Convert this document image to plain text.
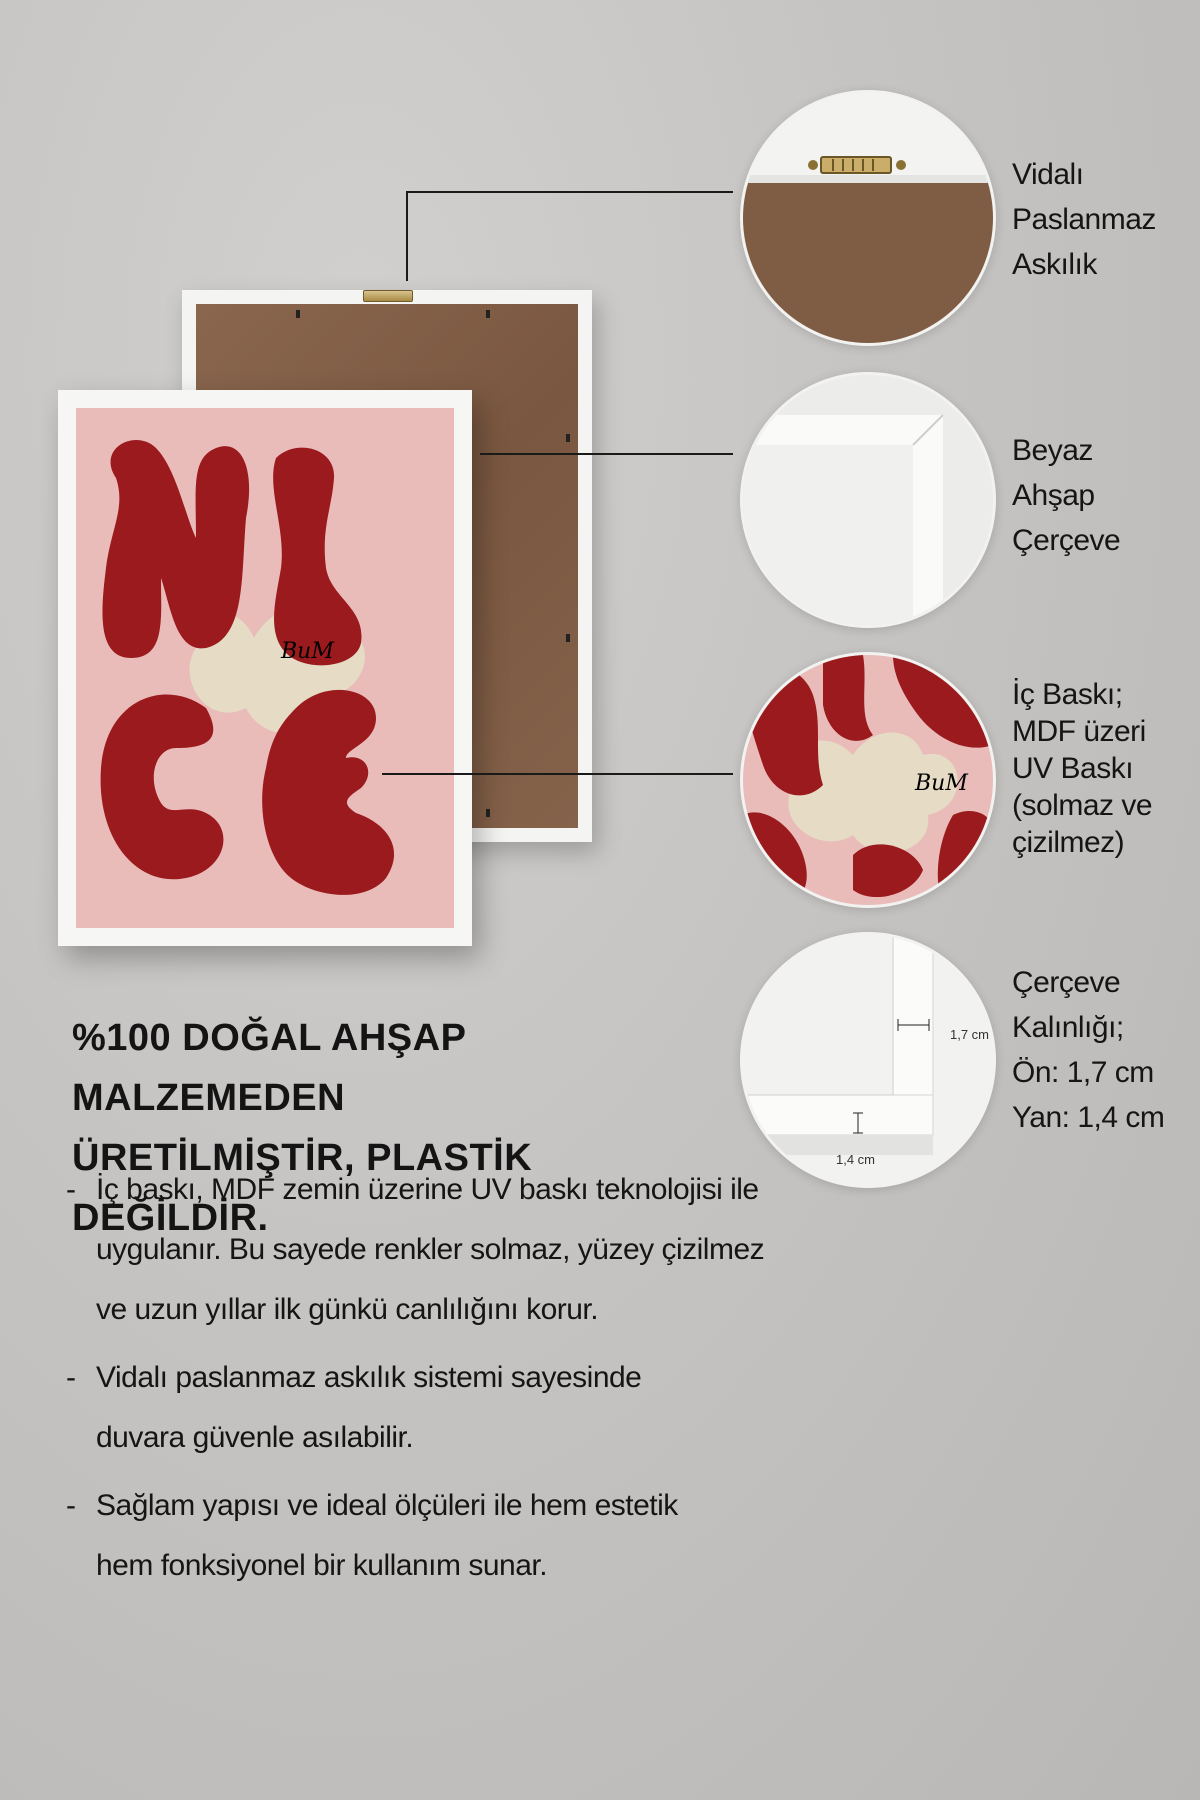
BuM
Vidalı
Paslanmaz
Askılık
Beyaz
Ahşap
Çerçeve
BuM
İç Baskı;
MDF üzeri
UV Baskı
(solmaz ve
çizilmez)
1,7 cm
1,4 cm
Çerçeve
Kalınlığı;
Ön: 1,7 cm
Yan: 1,4 cm
%100 DOĞAL AHŞAP MALZEMEDEN
ÜRETİLMİŞTİR, PLASTİK DEĞİLDİR.
- İç baskı, MDF zemin üzerine UV baskı teknolojisi ile uygulanır. Bu sayede renkler solmaz, yüzey çizilmez ve uzun yıllar ilk günkü canlılığını korur.
- Vidalı paslanmaz askılık sistemi sayesinde duvara güvenle asılabilir.
- Sağlam yapısı ve ideal ölçüleri ile hem estetik hem fonksiyonel bir kullanım sunar.
